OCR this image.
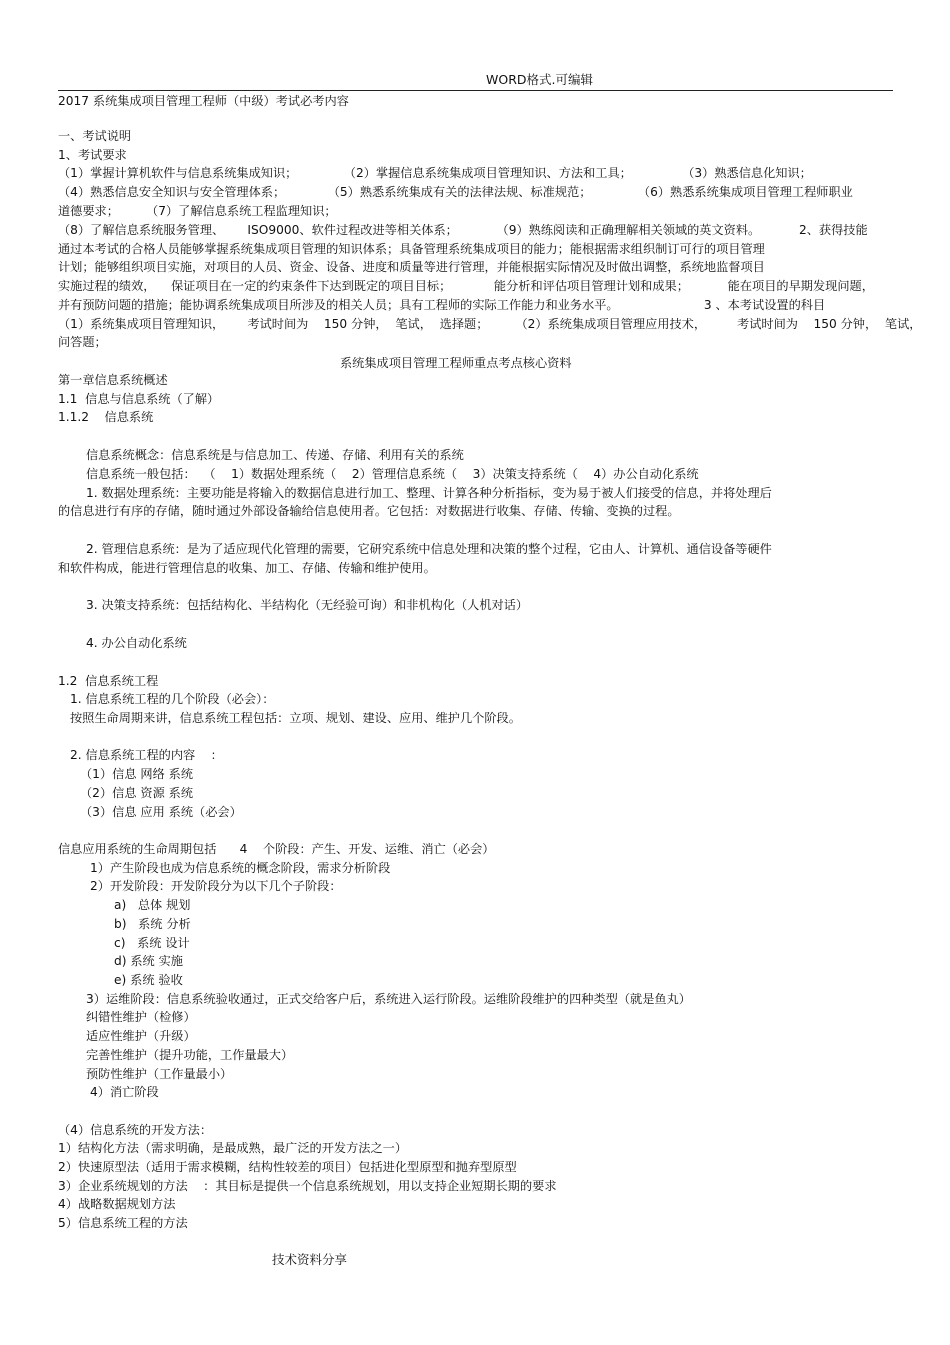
WORD格式.可编辑
2017 系统集成项目管理工程师（中级）考试必考内容
一、考试说明
1、考试要求
（1）掌握计算机软件与信息系统集成知识；            （2）掌握信息系统集成项目管理知识、方法和工具；             （3）熟悉信息化知识；
（4）熟悉信息安全知识与安全管理体系；           （5）熟悉系统集成有关的法律法规、标准规范；            （6）熟悉系统集成项目管理工程师职业
道德要求；       （7）了解信息系统工程监理知识；
（8）了解信息系统服务管理、      ISO9000、软件过程改进等相关体系；          （9）熟练阅读和正确理解相关领域的英文资料。          2、获得技能
通过本考试的合格人员能够掌握系统集成项目管理的知识体系；具备管理系统集成项目的能力；能根据需求组织制订可行的项目管理
计划；能够组织项目实施，对项目的人员、资金、设备、进度和质量等进行管理，并能根据实际情况及时做出调整，系统地监督项目
实施过程的绩效，    保证项目在一定的约束条件下达到既定的项目目标；           能分析和评估项目管理计划和成果；          能在项目的早期发现问题，
并有预防问题的措施；能协调系统集成项目所涉及的相关人员；具有工程师的实际工作能力和业务水平。                      3 、本考试设置的科目
（1）系统集成项目管理知识，      考试时间为    150 分钟，  笔试，  选择题；       （2）系统集成项目管理应用技术，        考试时间为    150 分钟，  笔试，
问答题；
第一章信息系统概述
1.1  信息与信息系统（了解）
1.1.2    信息系统
信息系统概念：信息系统是与信息加工、传递、存储、利用有关的系统
信息系统一般包括：  （    1）数据处理系统（    2）管理信息系统（    3）决策支持系统（    4）办公自动化系统
1. 数据处理系统：主要功能是将输入的数据信息进行加工、整理、计算各种分析指标，变为易于被人们接受的信息，并将处理后
的信息进行有序的存储，随时通过外部设备输给信息使用者。它包括：对数据进行收集、存储、传输、变换的过程。
2. 管理信息系统：是为了适应现代化管理的需要，它研究系统中信息处理和决策的整个过程，它由人、计算机、通信设备等硬件
和软件构成，能进行管理信息的收集、加工、存储、传输和维护使用。
3. 决策支持系统：包括结构化、半结构化（无经验可询）和非机构化（人机对话）
4. 办公自动化系统
1.2  信息系统工程
1. 信息系统工程的几个阶段（必会）：
按照生命周期来讲，信息系统工程包括：立项、规划、建设、应用、维护几个阶段。
2. 信息系统工程的内容    ：
（1）信息 网络 系统
（2）信息 资源 系统
（3）信息 应用 系统（必会）
信息应用系统的生命周期包括      4    个阶段：产生、开发、运维、消亡（必会）
1）产生阶段也成为信息系统的概念阶段，需求分析阶段
2）开发阶段：开发阶段分为以下几个子阶段：
a)   总体 规划
b)   系统 分析
c)   系统 设计
d) 系统 实施
e) 系统 验收
3）运维阶段：信息系统验收通过，正式交给客户后，系统进入运行阶段。运维阶段维护的四种类型（就是鱼丸）
纠错性维护（检修）
适应性维护（升级）
完善性维护（提升功能，工作量最大）
预防性维护（工作量最小）
4）消亡阶段
（4）信息系统的开发方法：
1）结构化方法（需求明确，是最成熟，最广泛的开发方法之一）
2）快速原型法（适用于需求模糊，结构性较差的项目）包括进化型原型和抛弃型原型
3）企业系统规划的方法    ：其目标是提供一个信息系统规划，用以支持企业短期长期的要求
4）战略数据规划方法
5）信息系统工程的方法
系统集成项目管理工程师重点考点核心资料
技术资料分享
